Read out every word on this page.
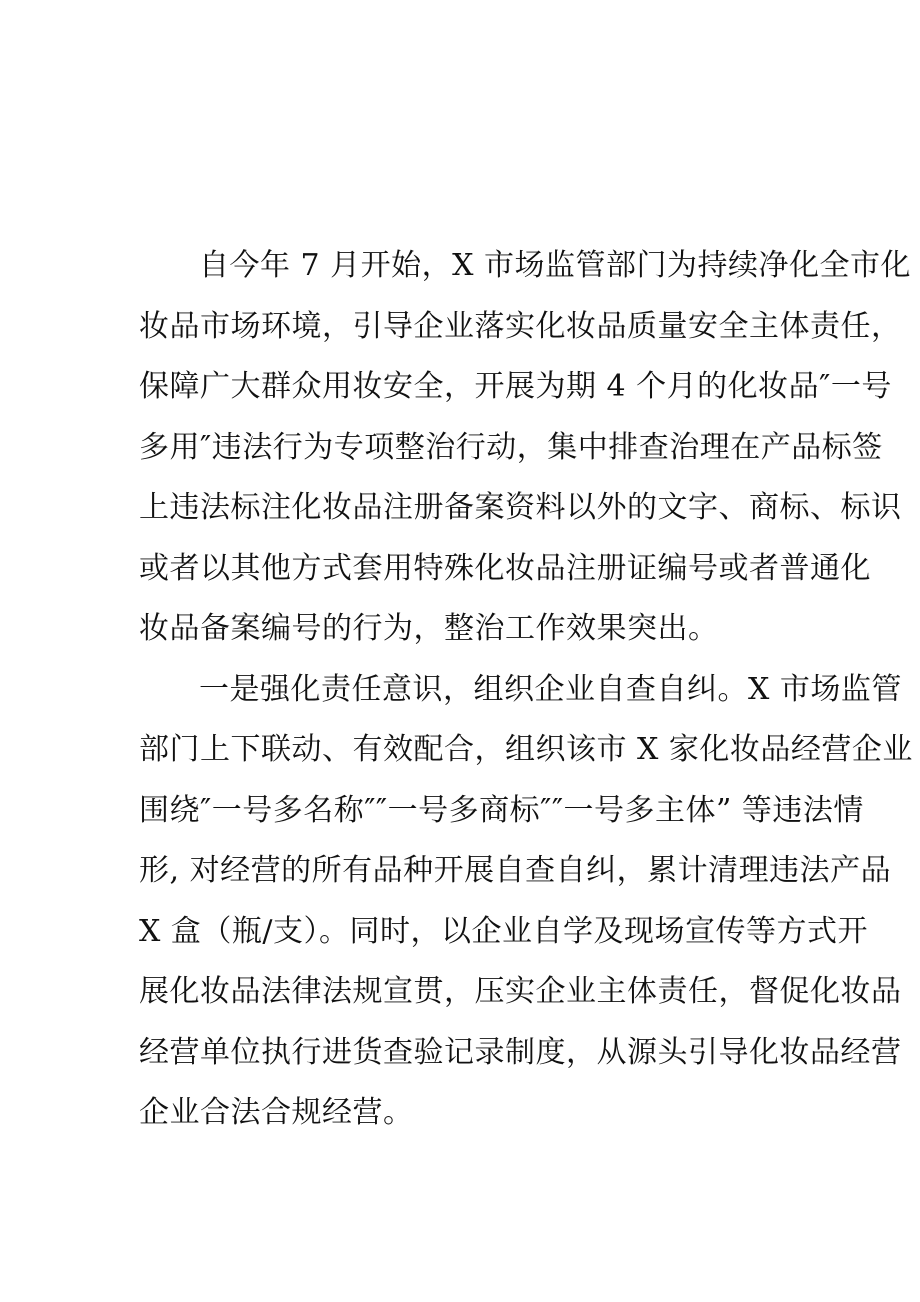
自今年 7 月开始，X 市场监管部门为持续净化全市化
妆品市场环境，引导企业落实化妆品质量安全主体责任，
保障广大群众用妆安全，开展为期 4 个月的化妆品″一号
多用″违法行为专项整治行动，集中排查治理在产品标签
上违法标注化妆品注册备案资料以外的文字、商标、标识
或者以其他方式套用特殊化妆品注册证编号或者普通化
妆品备案编号的行为，整治工作效果突出。

一是强化责任意识，组织企业自查自纠。X 市场监管
部门上下联动、有效配合，组织该市 X 家化妆品经营企业
围绕″一号多名称″″一号多商标″″一号多主体” 等违法情
形, 对经营的所有品种开展自查自纠，累计清理违法产品
X 盒（瓶/支）。同时，以企业自学及现场宣传等方式开
展化妆品法律法规宣贯，压实企业主体责任，督促化妆品
经营单位执行进货查验记录制度，从源头引导化妆品经营
企业合法合规经营。
